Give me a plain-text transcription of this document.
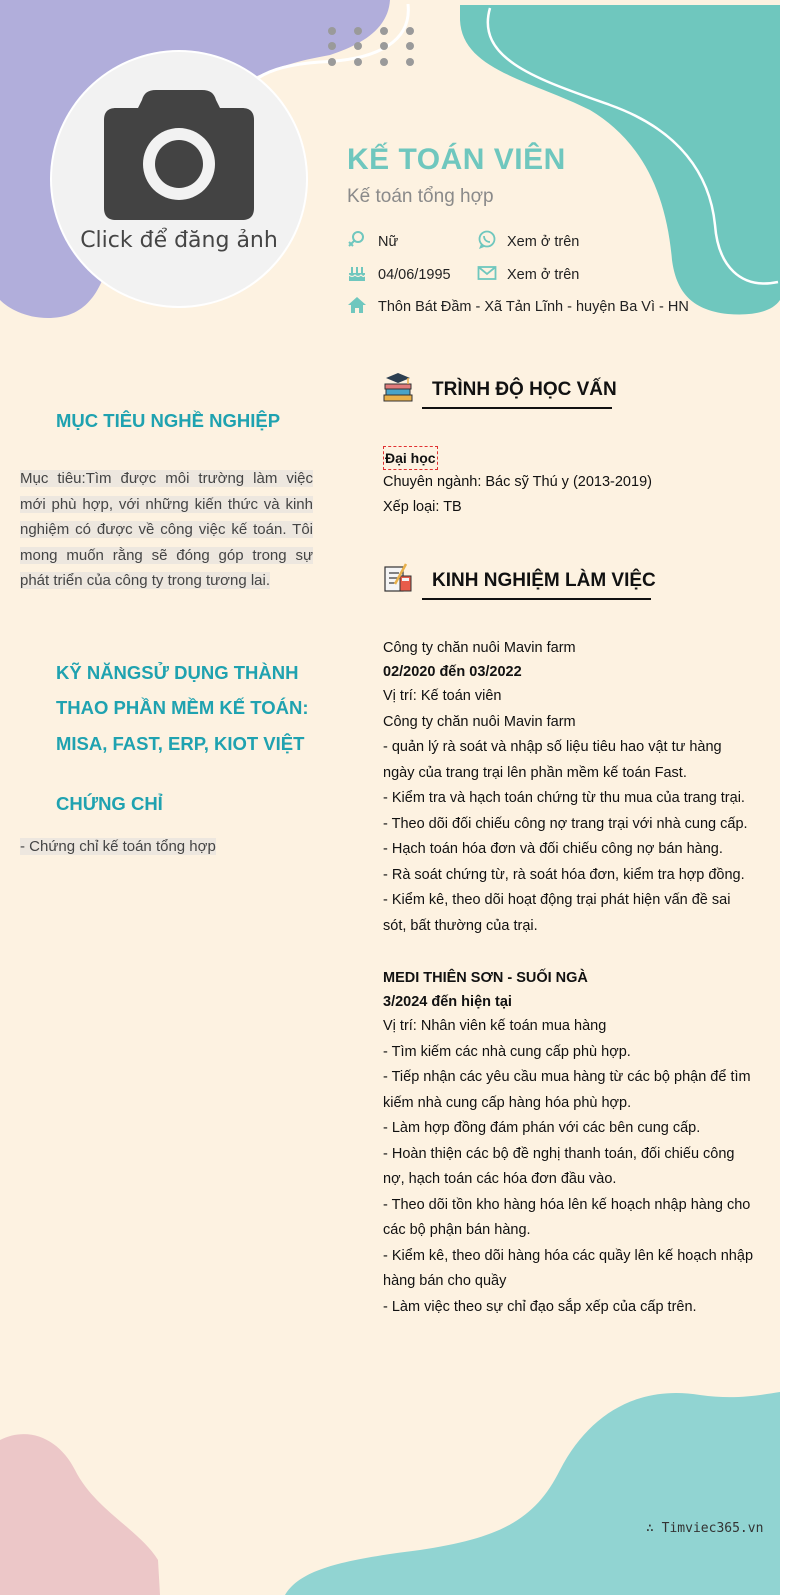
Click để đăng ảnh
KẾ TOÁN VIÊN
Kế toán tổng hợp
Nữ	Xem ở trên
04/06/1995	Xem ở trên
Thôn Bát Đầm - Xã Tản Lĩnh - huyện Ba Vì - HN
MỤC TIÊU NGHỀ NGHIỆP
Mục tiêu:Tìm được môi trường làm việc mới phù hợp, với những kiến thức và kinh nghiệm có được về công việc kế toán. Tôi mong muốn rằng sẽ đóng góp trong sự phát triển của công ty trong tương lai.
KỸ NĂNGSỬ DỤNG THÀNH
THAO PHẦN MỀM KẾ TOÁN:
MISA, FAST, ERP, KIOT VIỆT
CHỨNG CHỈ
- Chứng chỉ kế toán tổng hợp
TRÌNH ĐỘ HỌC VẤN
Đại học
Chuyên ngành: Bác sỹ Thú y (2013-2019)
Xếp loại: TB
KINH NGHIỆM LÀM VIỆC
Công ty chăn nuôi Mavin farm
02/2020 đến 03/2022
Vị trí: Kế toán viên
Công ty chăn nuôi Mavin farm
- quản lý rà soát và nhập số liệu tiêu hao vật tư hàng
ngày của trang trại lên phần mềm kế toán Fast.
- Kiểm tra và hạch toán chứng từ thu mua của trang trại.
- Theo dõi đối chiếu công nợ trang trại với nhà cung cấp.
- Hạch toán hóa đơn và đối chiếu công nợ bán hàng.
- Rà soát chứng từ, rà soát hóa đơn, kiểm tra hợp đồng.
- Kiểm kê, theo dõi hoạt động trại phát hiện vấn đề sai
sót, bất thường của trại.
MEDI THIÊN SƠN - SUỐI NGÀ
3/2024 đến hiện tại
Vị trí: Nhân viên kế toán mua hàng
- Tìm kiếm các nhà cung cấp phù hợp.
- Tiếp nhận các yêu cầu mua hàng từ các bộ phận để tìm
kiếm nhà cung cấp hàng hóa phù hợp.
- Làm hợp đồng đám phán với các bên cung cấp.
- Hoàn thiện các bộ đề nghị thanh toán, đối chiếu công
nợ, hạch toán các hóa đơn đầu vào.
- Theo dõi tồn kho hàng hóa lên kế hoạch nhập hàng cho
các bộ phận bán hàng.
- Kiểm kê, theo dõi hàng hóa các quầy lên kế hoạch nhập
hàng bán cho quầy
- Làm việc theo sự chỉ đạo sắp xếp của cấp trên.
∴ Timviec365.vn
